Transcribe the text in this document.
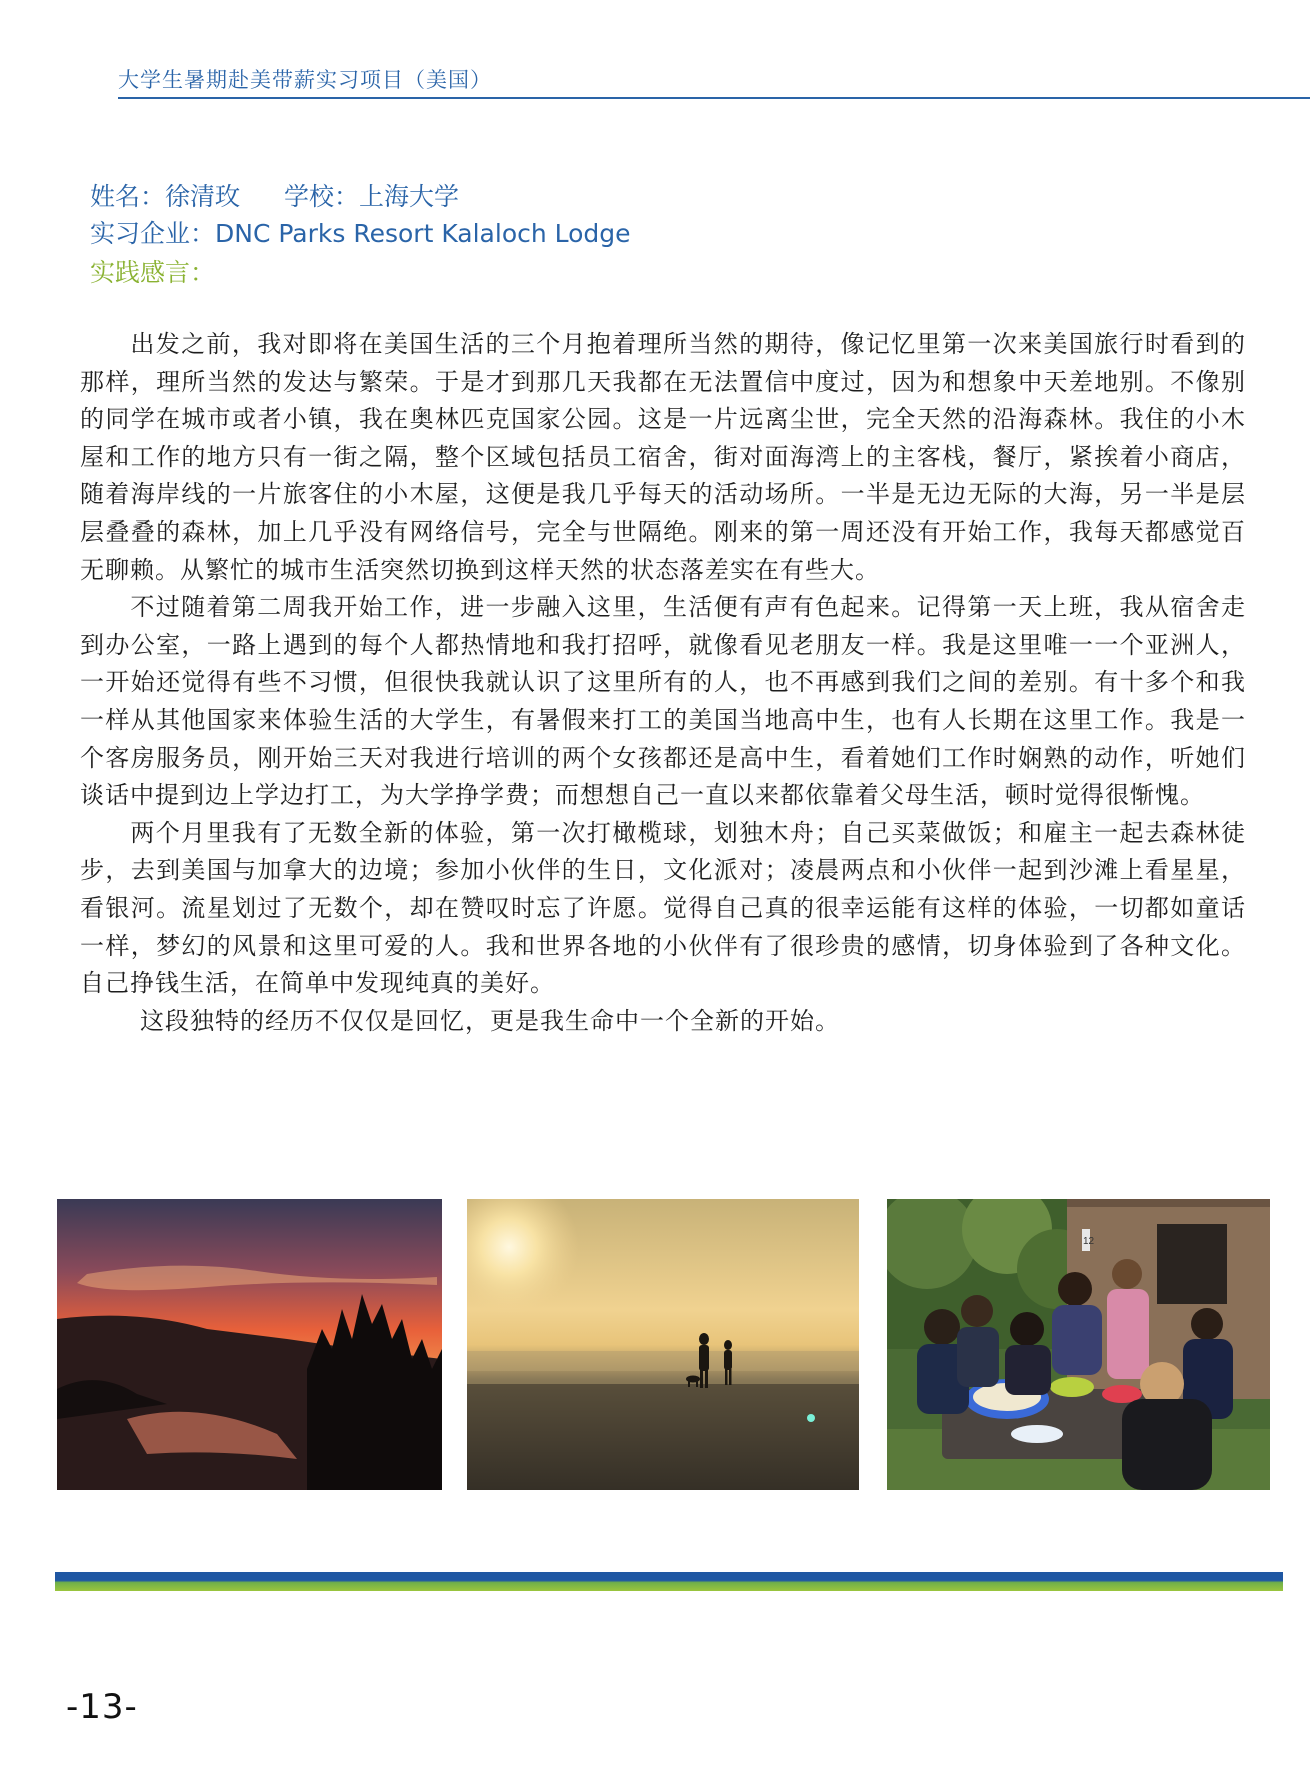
大学生暑期赴美带薪实习项目（美国）
姓名：徐清玫 学校：上海大学
实习企业：DNC Parks Resort Kalaloch Lodge
实践感言：

出发之前，我对即将在美国生活的三个月抱着理所当然的期待，像记忆里第一次来美国旅行时看到的那样，理所当然的发达与繁荣。于是才到那几天我都在无法置信中度过，因为和想象中天差地别。不像别的同学在城市或者小镇，我在奥林匹克国家公园。这是一片远离尘世，完全天然的沿海森林。我住的小木屋和工作的地方只有一街之隔，整个区域包括员工宿舍，街对面海湾上的主客栈，餐厅，紧挨着小商店，随着海岸线的一片旅客住的小木屋，这便是我几乎每天的活动场所。一半是无边无际的大海，另一半是层层叠叠的森林，加上几乎没有网络信号，完全与世隔绝。刚来的第一周还没有开始工作，我每天都感觉百无聊赖。从繁忙的城市生活突然切换到这样天然的状态落差实在有些大。

不过随着第二周我开始工作，进一步融入这里，生活便有声有色起来。记得第一天上班，我从宿舍走到办公室，一路上遇到的每个人都热情地和我打招呼，就像看见老朋友一样。我是这里唯一一个亚洲人，一开始还觉得有些不习惯，但很快我就认识了这里所有的人，也不再感到我们之间的差别。有十多个和我一样从其他国家来体验生活的大学生，有暑假来打工的美国当地高中生，也有人长期在这里工作。我是一个客房服务员，刚开始三天对我进行培训的两个女孩都还是高中生，看着她们工作时娴熟的动作，听她们谈话中提到边上学边打工，为大学挣学费；而想想自己一直以来都依靠着父母生活，顿时觉得很惭愧。

两个月里我有了无数全新的体验，第一次打橄榄球，划独木舟；自己买菜做饭；和雇主一起去森林徒步，去到美国与加拿大的边境；参加小伙伴的生日，文化派对；凌晨两点和小伙伴一起到沙滩上看星星，看银河。流星划过了无数个，却在赞叹时忘了许愿。觉得自己真的很幸运能有这样的体验，一切都如童话一样，梦幻的风景和这里可爱的人。我和世界各地的小伙伴有了很珍贵的感情，切身体验到了各种文化。自己挣钱生活，在简单中发现纯真的美好。

这段独特的经历不仅仅是回忆，更是我生命中一个全新的开始。

12
-13-
